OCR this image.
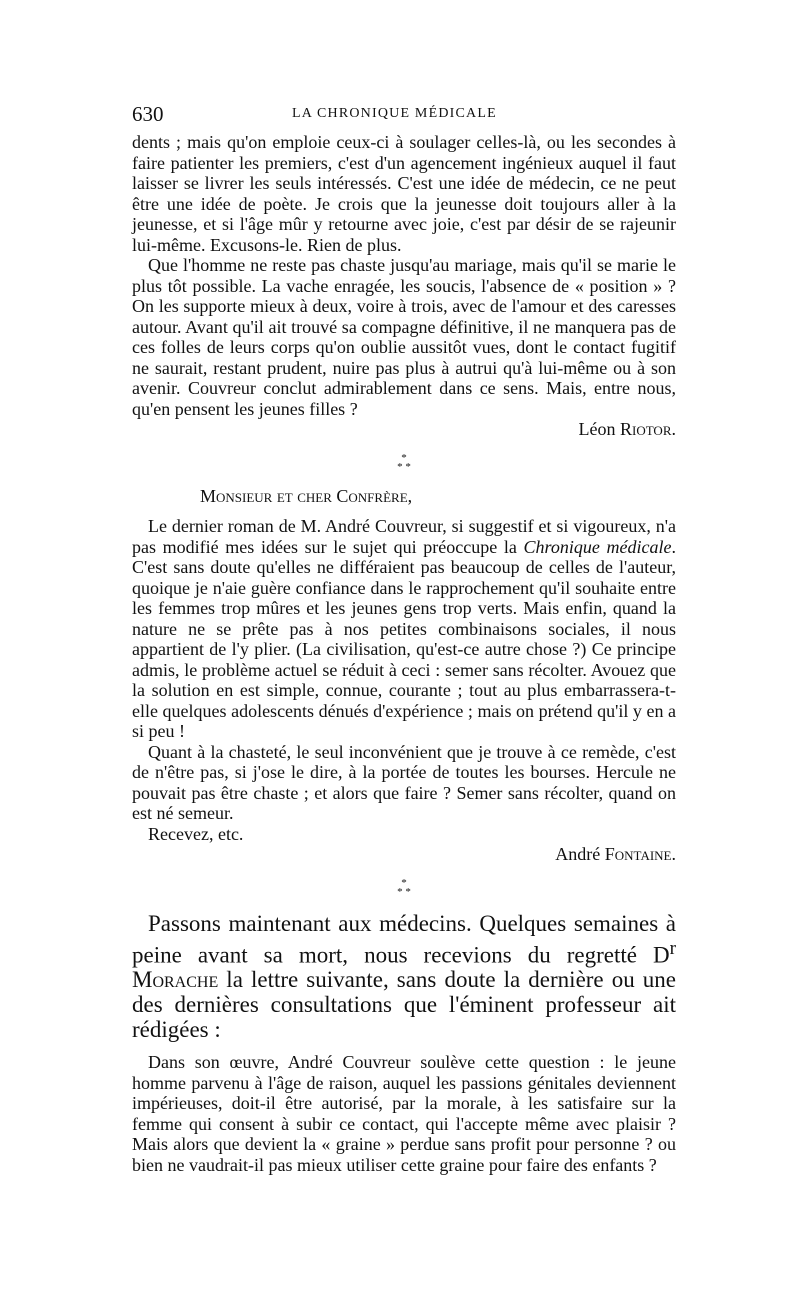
630	LA CHRONIQUE MÉDICALE

dents ; mais qu'on emploie ceux-ci à soulager celles-là, ou les secondes à faire patienter les premiers, c'est d'un agencement ingénieux auquel il faut laisser se livrer les seuls intéressés. C'est une idée de médecin, ce ne peut être une idée de poète. Je crois que la jeunesse doit toujours aller à la jeunesse, et si l'âge mûr y retourne avec joie, c'est par désir de se rajeunir lui-même. Excusons-le. Rien de plus.

Que l'homme ne reste pas chaste jusqu'au mariage, mais qu'il se marie le plus tôt possible. La vache enragée, les soucis, l'absence de « position » ? On les supporte mieux à deux, voire à trois, avec de l'amour et des caresses autour. Avant qu'il ait trouvé sa compagne définitive, il ne manquera pas de ces folles de leurs corps qu'on oublie aussitôt vues, dont le contact fugitif ne saurait, restant prudent, nuire pas plus à autrui qu'à lui-même ou à son avenir. Couvreur conclut admirablement dans ce sens. Mais, entre nous, qu'en pensent les jeunes filles ?

Léon Riotor.

*
* *

Monsieur et cher Confrère,

Le dernier roman de M. André Couvreur, si suggestif et si vigoureux, n'a pas modifié mes idées sur le sujet qui préoccupe la Chronique médicale. C'est sans doute qu'elles ne différaient pas beaucoup de celles de l'auteur, quoique je n'aie guère confiance dans le rapprochement qu'il souhaite entre les femmes trop mûres et les jeunes gens trop verts. Mais enfin, quand la nature ne se prête pas à nos petites combinaisons sociales, il nous appartient de l'y plier. (La civilisation, qu'est-ce autre chose ?) Ce principe admis, le problème actuel se réduit à ceci : semer sans récolter. Avouez que la solution en est simple, connue, courante ; tout au plus embarrassera-t-elle quelques adolescents dénués d'expérience ; mais on prétend qu'il y en a si peu !

Quant à la chasteté, le seul inconvénient que je trouve à ce remède, c'est de n'être pas, si j'ose le dire, à la portée de toutes les bourses. Hercule ne pouvait pas être chaste ; et alors que faire ? Semer sans récolter, quand on est né semeur.

Recevez, etc.

André Fontaine.

*
* *

Passons maintenant aux médecins. Quelques semaines à peine avant sa mort, nous recevions du regretté $D^r$ Morache la lettre suivante, sans doute la dernière ou une des dernières consultations que l'éminent professeur ait rédigées :

Dans son œuvre, André Couvreur soulève cette question : le jeune homme parvenu à l'âge de raison, auquel les passions génitales deviennent impérieuses, doit-il être autorisé, par la morale, à les satisfaire sur la femme qui consent à subir ce contact, qui l'accepte même avec plaisir ? Mais alors que devient la « graine » perdue sans profit pour personne ? ou bien ne vaudrait-il pas mieux utiliser cette graine pour faire des enfants ?
